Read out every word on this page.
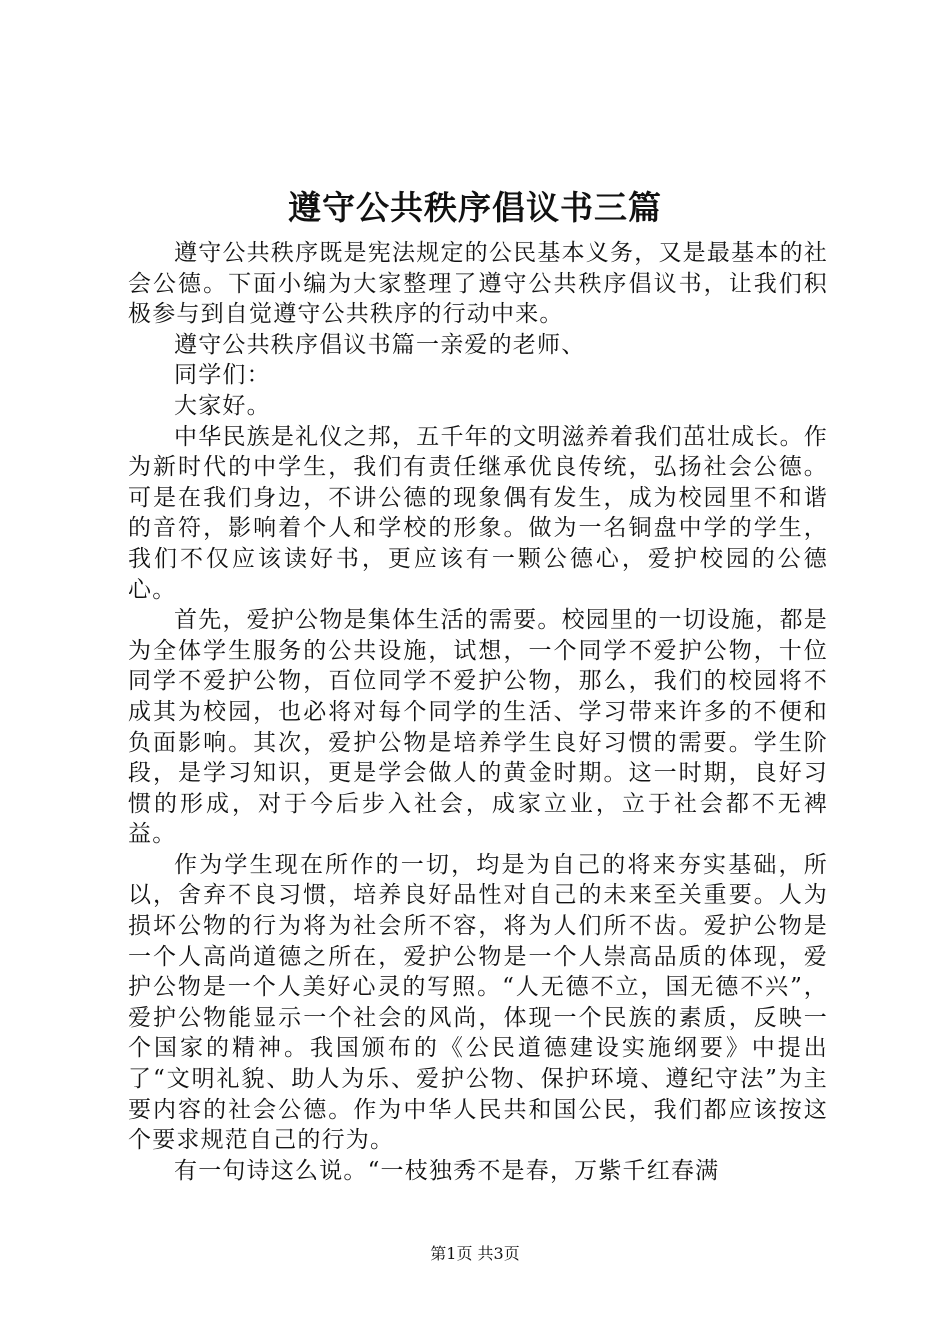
遵守公共秩序倡议书三篇

遵守公共秩序既是宪法规定的公民基本义务，又是最基本的社会公德。下面小编为大家整理了遵守公共秩序倡议书，让我们积极参与到自觉遵守公共秩序的行动中来。

遵守公共秩序倡议书篇一亲爱的老师、

同学们：

大家好。

中华民族是礼仪之邦，五千年的文明滋养着我们茁壮成长。作为新时代的中学生，我们有责任继承优良传统，弘扬社会公德。可是在我们身边，不讲公德的现象偶有发生，成为校园里不和谐的音符，影响着个人和学校的形象。做为一名铜盘中学的学生，我们不仅应该读好书，更应该有一颗公德心，爱护校园的公德心。

首先，爱护公物是集体生活的需要。校园里的一切设施，都是为全体学生服务的公共设施，试想，一个同学不爱护公物，十位同学不爱护公物，百位同学不爱护公物，那么，我们的校园将不成其为校园，也必将对每个同学的生活、学习带来许多的不便和负面影响。其次，爱护公物是培养学生良好习惯的需要。学生阶段，是学习知识，更是学会做人的黄金时期。这一时期，良好习惯的形成，对于今后步入社会，成家立业，立于社会都不无裨益。

作为学生现在所作的一切，均是为自己的将来夯实基础，所以，舍弃不良习惯，培养良好品性对自己的未来至关重要。人为损坏公物的行为将为社会所不容，将为人们所不齿。爱护公物是一个人高尚道德之所在，爱护公物是一个人崇高品质的体现，爱护公物是一个人美好心灵的写照。“人无德不立，国无德不兴”，爱护公物能显示一个社会的风尚，体现一个民族的素质，反映一个国家的精神。我国颁布的《公民道德建设实施纲要》中提出了“文明礼貌、助人为乐、爱护公物、保护环境、遵纪守法”为主要内容的社会公德。作为中华人民共和国公民，我们都应该按这个要求规范自己的行为。

有一句诗这么说。“一枝独秀不是春，万紫千红春满

第1页 共3页
